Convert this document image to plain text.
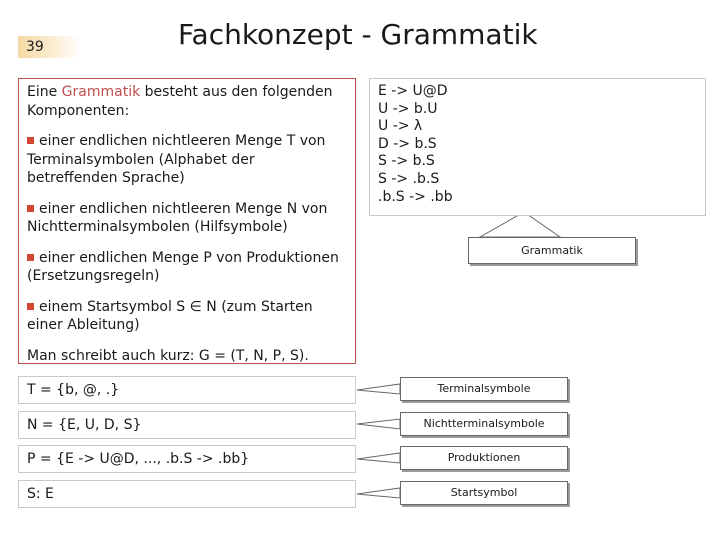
39	Fachkonzept - Grammatik

Eine Grammatik besteht aus den folgenden Komponenten:

einer endlichen nichtleeren Menge T von Terminalsymbolen (Alphabet der betreffenden Sprache)

einer endlichen nichtleeren Menge N von Nichtterminalsymbolen (Hilfsymbole)

einer endlichen Menge P von Produktionen (Ersetzungsregeln)

einem Startsymbol S ∈ N (zum Starten einer Ableitung)

Man schreibt auch kurz: G = (T, N, P, S).

E -> U@D
U -> b.U
U -> λ
D -> b.S
S -> b.S
S -> .b.S
.b.S -> .bb
Grammatik
T = {b, @, .}
N = {E, U, D, S}
P = {E -> U@D, ..., .b.S -> .bb}
S: E
Terminalsymbole
Nichtterminalsymbole
Produktionen
Startsymbol
